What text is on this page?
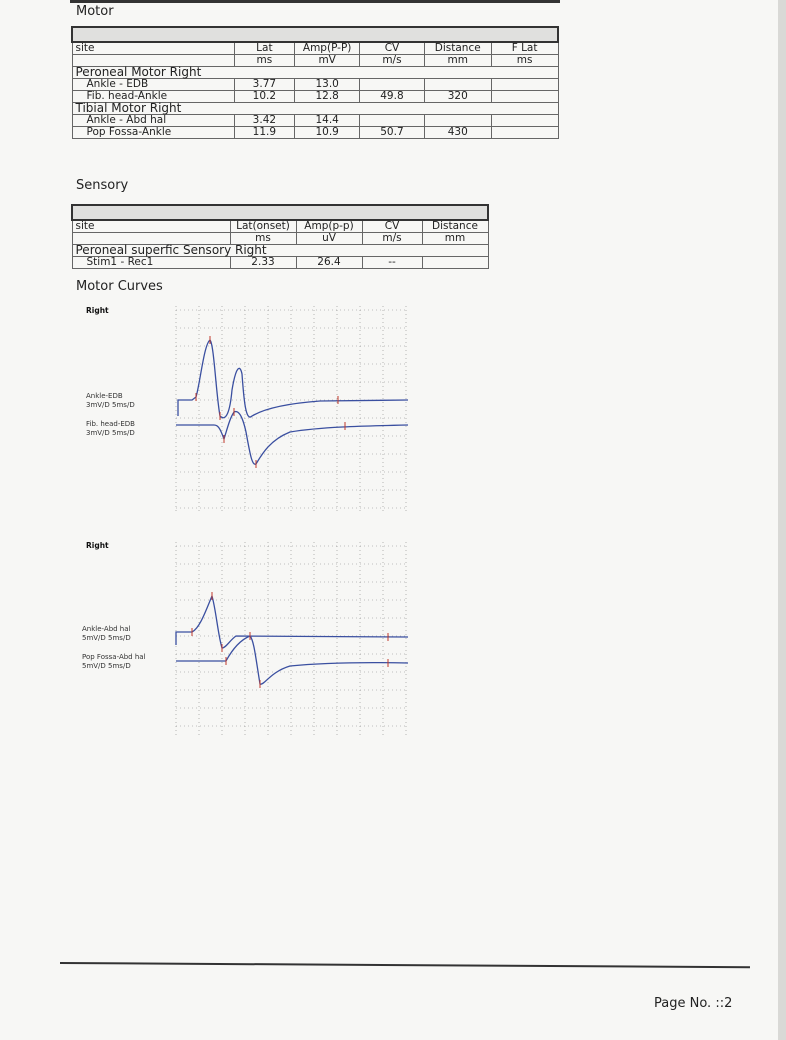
Motor

site	Lat	Amp(P-P)	CV	Distance	F Lat
	ms	mV	m/s	mm	ms
Peroneal Motor Right					
Ankle - EDB	3.77	13.0			
Fib. head-Ankle	10.2	12.8	49.8	320	
Tibial Motor Right					
Ankle - Abd hal	3.42	14.4			
Pop Fossa-Ankle	11.9	10.9	50.7	430	
Sensory

site	Lat(onset)	Amp(p-p)	CV	Distance
	ms	uV	m/s	mm
Peroneal superfic Sensory Right				
Stim1 - Rec1	2.33	26.4	--	
Motor Curves
Right
Ankle-EDB
3mV/D 5ms/D
Fib. head-EDB
3mV/D 5ms/D
Right
Ankle-Abd hal
5mV/D 5ms/D
Pop Fossa-Abd hal
5mV/D 5ms/D
Page No. ::2
